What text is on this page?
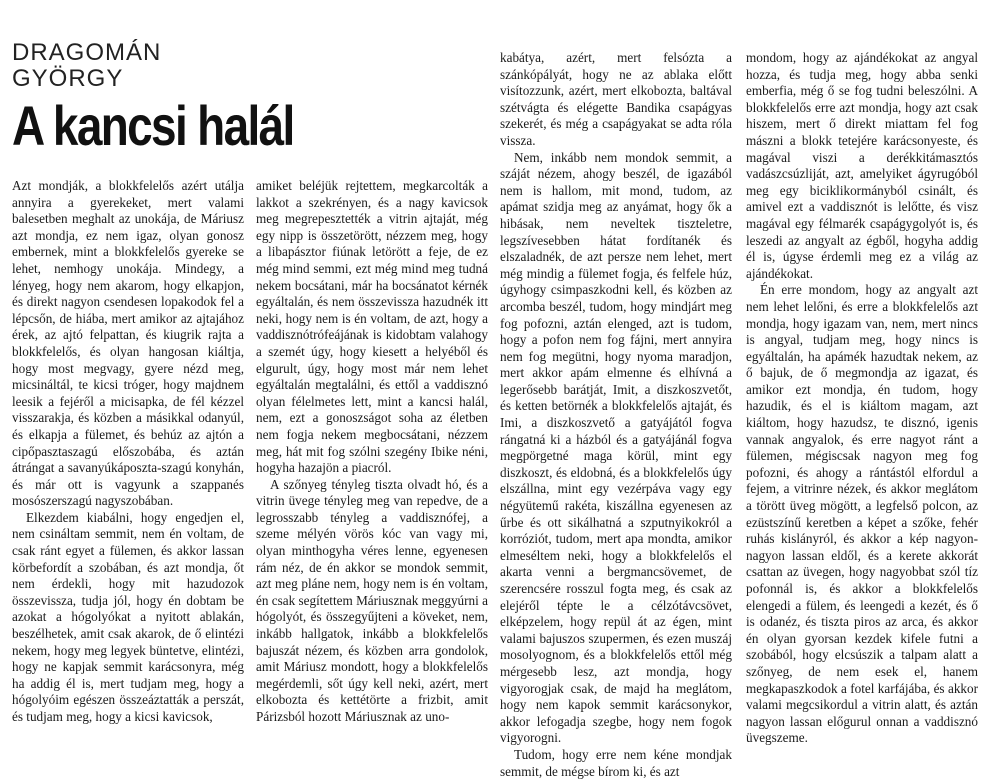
DRAGOMÁN GYÖRGY
A kancsi halál

Azt mondják, a blokkfelelős azért utálja annyira a gyerekeket, mert valami balesetben meghalt az unokája, de Máriusz azt mondja, ez nem igaz, olyan gonosz embernek, mint a blokkfelelős gyereke se lehet, nemhogy unokája. Mindegy, a lényeg, hogy nem akarom, hogy elkapjon, és direkt nagyon csendesen lopakodok fel a lépcsőn, de hiába, mert amikor az ajtajához érek, az ajtó felpattan, és kiugrik rajta a blokkfelelős, és olyan hangosan kiáltja, hogy most megvagy, gyere nézd meg, micsináltál, te kicsi tróger, hogy majdnem leesik a fejéről a micisapka, de fél kézzel visszarakja, és közben a másikkal odanyúl, és elkapja a fülemet, és behúz az ajtón a cipőpasztaszagú előszobába, és aztán átrángat a savanyúkáposzta-szagú konyhán, és már ott is vagyunk a szappanés mosószerszagú nagyszobában.

Elkezdem kiabálni, hogy engedjen el, nem csináltam semmit, nem én voltam, de csak ránt egyet a fülemen, és akkor lassan körbefordít a szobában, és azt mondja, őt nem érdekli, hogy mit hazudozok összevissza, tudja jól, hogy én dobtam be azokat a hógolyókat a nyitott ablakán, beszélhetek, amit csak akarok, de ő elintézi nekem, hogy meg legyek büntetve, elintézi, hogy ne kapjak semmit karácsonyra, még ha addig él is, mert tudjam meg, hogy a hógolyóim egészen összeáztatták a perszát, és tudjam meg, hogy a kicsi kavicsok,

amiket beléjük rejtettem, megkarcolták a lakkot a szekrényen, és a nagy kavicsok meg megrepesztették a vitrin ajtaját, még egy nipp is összetörött, nézzem meg, hogy a libapásztor fiúnak letörött a feje, de ez még mind semmi, ezt még mind meg tudná nekem bocsátani, már ha bocsánatot kérnék egyáltalán, és nem összevissza hazudnék itt neki, hogy nem is én voltam, de azt, hogy a vaddisznótrófeájának is kidobtam valahogy a szemét úgy, hogy kiesett a helyéből és elgurult, úgy, hogy most már nem lehet egyáltalán megtalálni, és ettől a vaddisznó olyan félelmetes lett, mint a kancsi halál, nem, ezt a gonoszságot soha az életben nem fogja nekem megbocsátani, nézzem meg, hát mit fog szólni szegény Ibike néni, hogyha hazajön a piacról.

A szőnyeg tényleg tiszta olvadt hó, és a vitrin üvege tényleg meg van repedve, de a legrosszabb tényleg a vaddisznófej, a szeme mélyén vörös kóc van vagy mi, olyan minthogyha véres lenne, egyenesen rám néz, de én akkor se mondok semmit, azt meg pláne nem, hogy nem is én voltam, én csak segítettem Máriusznak meggyúrni a hógolyót, és összegyűjteni a köveket, nem, inkább hallgatok, inkább a blokkfelelős bajuszát nézem, és közben arra gondolok, amit Máriusz mondott, hogy a blokkfelelős megérdemli, sőt úgy kell neki, azért, mert elkobozta és kettétörte a frizbit, amit Párizsból hozott Máriusznak az uno-

kabátya, azért, mert felsózta a szánkópályát, hogy ne az ablaka előtt visítozzunk, azért, mert elkobozta, baltával szétvágta és elégette Bandika csapágyas szekerét, és még a csapágyakat se adta róla vissza.

Nem, inkább nem mondok semmit, a száját nézem, ahogy beszél, de igazából nem is hallom, mit mond, tudom, az apámat szidja meg az anyámat, hogy ők a hibásak, nem neveltek tiszteletre, legszívesebben hátat fordítanék és elszaladnék, de azt persze nem lehet, mert még mindig a fülemet fogja, és felfele húz, úgyhogy csimpaszkodni kell, és közben az arcomba beszél, tudom, hogy mindjárt meg fog pofozni, aztán elenged, azt is tudom, hogy a pofon nem fog fájni, mert annyira nem fog megütni, hogy nyoma maradjon, mert akkor apám elmenne és elhívná a legerősebb barátját, Imit, a diszkoszvetőt, és ketten betörnék a blokkfelelős ajtaját, és Imi, a diszkoszvető a gatyájától fogva rángatná ki a házból és a gatyájánál fogva megpörgetné maga körül, mint egy diszkoszt, és eldobná, és a blokkfelelős úgy elszállna, mint egy vezérpáva vagy egy négyütemű rakéta, kiszállna egyenesen az űrbe és ott sikálhatná a szputnyikokról a korróziót, tudom, mert apa mondta, amikor elmeséltem neki, hogy a blokkfelelős el akarta venni a bergmancsövemet, de szerencsére rosszul fogta meg, és csak az elejéről tépte le a célzótávcsövet, elképzelem, hogy repül át az égen, mint valami bajuszos szupermen, és ezen muszáj mosolyognom, és a blokkfelelős ettől még mérgesebb lesz, azt mondja, hogy vigyorogjak csak, de majd ha meglátom, hogy nem kapok semmit karácsonykor, akkor lefogadja szegbe, hogy nem fogok vigyorogni.

Tudom, hogy erre nem kéne mondjak semmit, de mégse bírom ki, és azt

mondom, hogy az ajándékokat az angyal hozza, és tudja meg, hogy abba senki emberfia, még ő se fog tudni beleszólni. A blokkfelelős erre azt mondja, hogy azt csak hiszem, mert ő direkt miattam fel fog mászni a blokk tetejére karácsonyeste, és magával viszi a derékkitámasztós vadászcsúzliját, azt, amelyiket ágyrugóból meg egy biciklikormányból csinált, és amivel ezt a vaddisznót is lelőtte, és visz magával egy félmarék csapágygolyót is, és leszedi az angyalt az égből, hogyha addig él is, úgyse érdemli meg ez a világ az ajándékokat.

Én erre mondom, hogy az angyalt azt nem lehet lelőni, és erre a blokkfelelős azt mondja, hogy igazam van, nem, mert nincs is angyal, tudjam meg, hogy nincs is egyáltalán, ha apámék hazudtak nekem, az ő bajuk, de ő megmondja az igazat, és amikor ezt mondja, én tudom, hogy hazudik, és el is kiáltom magam, azt kiáltom, hogy hazudsz, te disznó, igenis vannak angyalok, és erre nagyot ránt a fülemen, mégiscsak nagyon meg fog pofozni, és ahogy a rántástól elfordul a fejem, a vitrinre nézek, és akkor meglátom a törött üveg mögött, a legfelső polcon, az ezüstszínű keretben a képet a szőke, fehér ruhás kislányról, és akkor a kép nagyon-nagyon lassan eldől, és a kerete akkorát csattan az üvegen, hogy nagyobbat szól tíz pofonnál is, és akkor a blokkfelelős elengedi a fülem, és leengedi a kezét, és ő is odanéz, és tiszta piros az arca, és akkor én olyan gyorsan kezdek kifele futni a szobából, hogy elcsúszik a talpam alatt a szőnyeg, de nem esek el, hanem megkapaszkodok a fotel karfájába, és akkor valami megcsikordul a vitrin alatt, és aztán nagyon lassan előgurul onnan a vaddisznó üvegszeme.
